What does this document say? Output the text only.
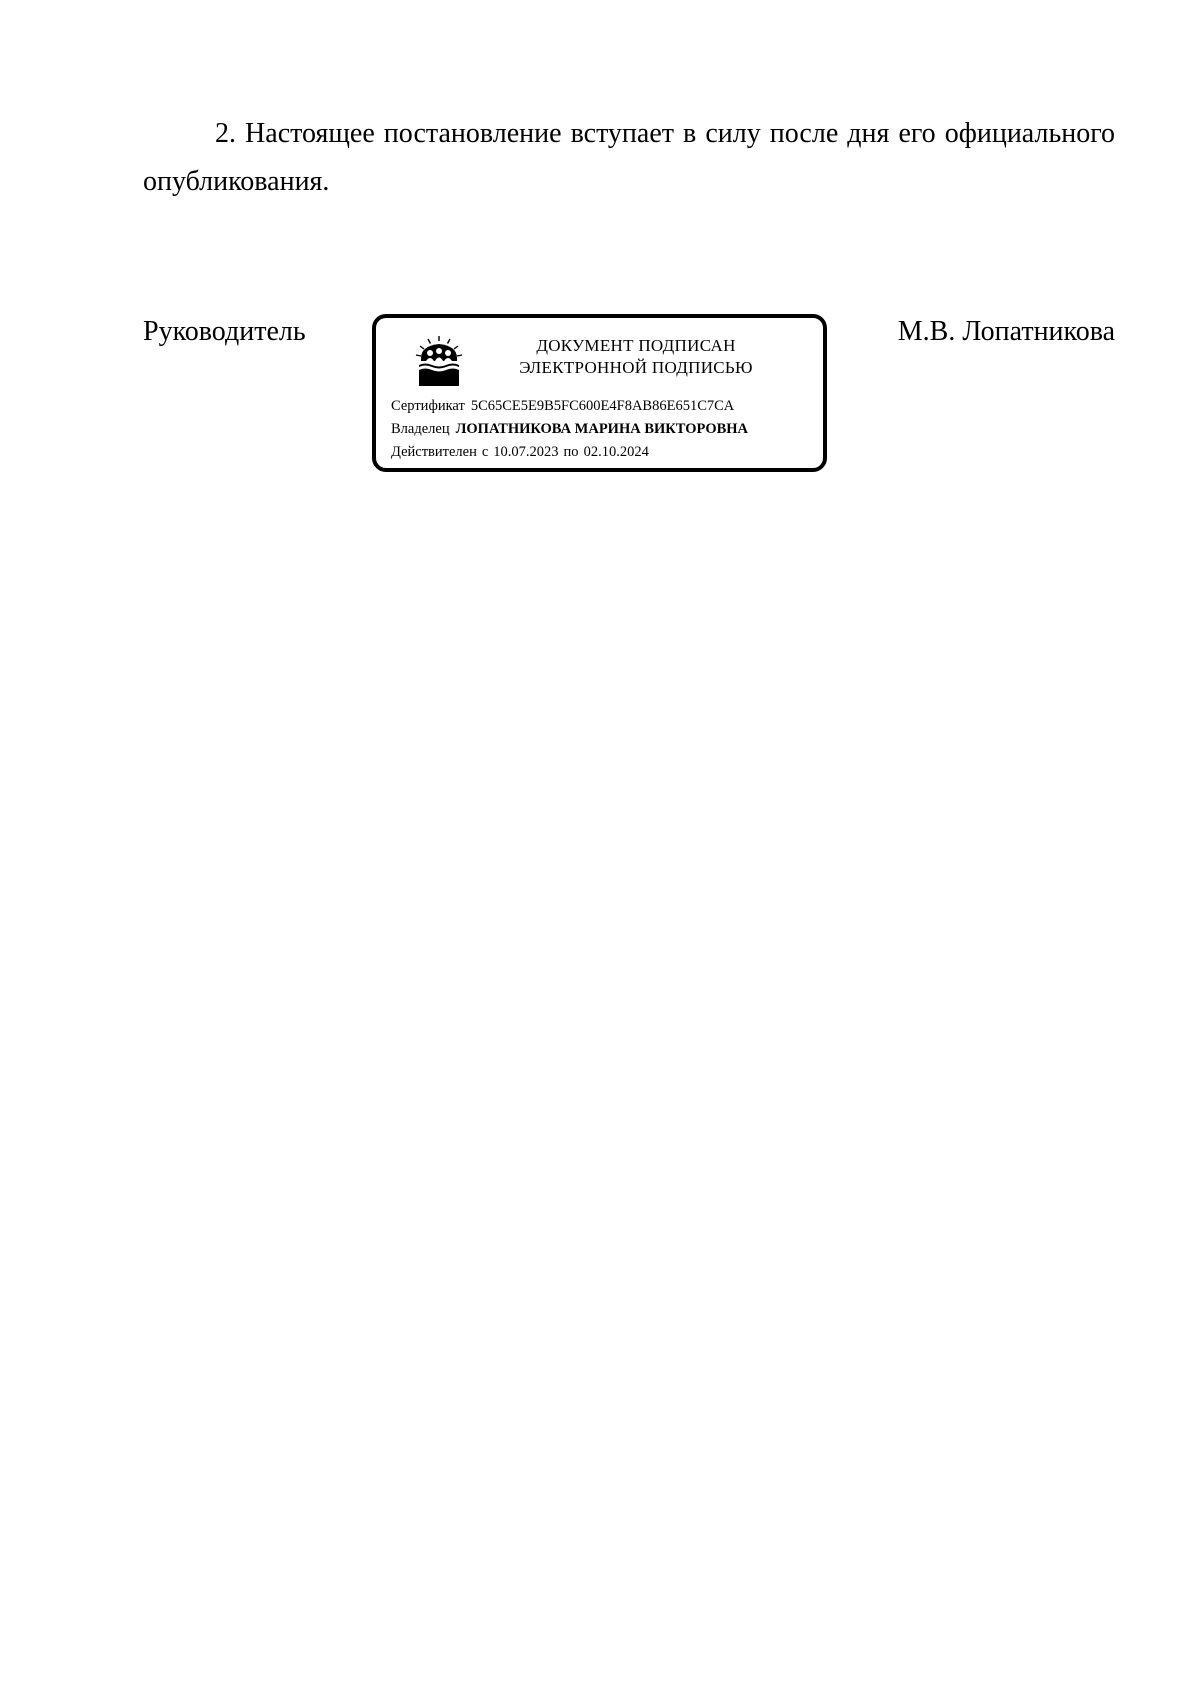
2. Настоящее постановление вступает в силу после дня его официального опубликования.

Руководитель	ДОКУМЕНТ ПОДПИСАН
ЭЛЕКТРОННОЙ ПОДПИСЬЮ
Сертификат 5C65CE5E9B5FC600E4F8AB86E651C7CA
Владелец ЛОПАТНИКОВА МАРИНА ВИКТОРОВНА
Действителен с 10.07.2023 по 02.10.2024

М.В. Лопатникова
